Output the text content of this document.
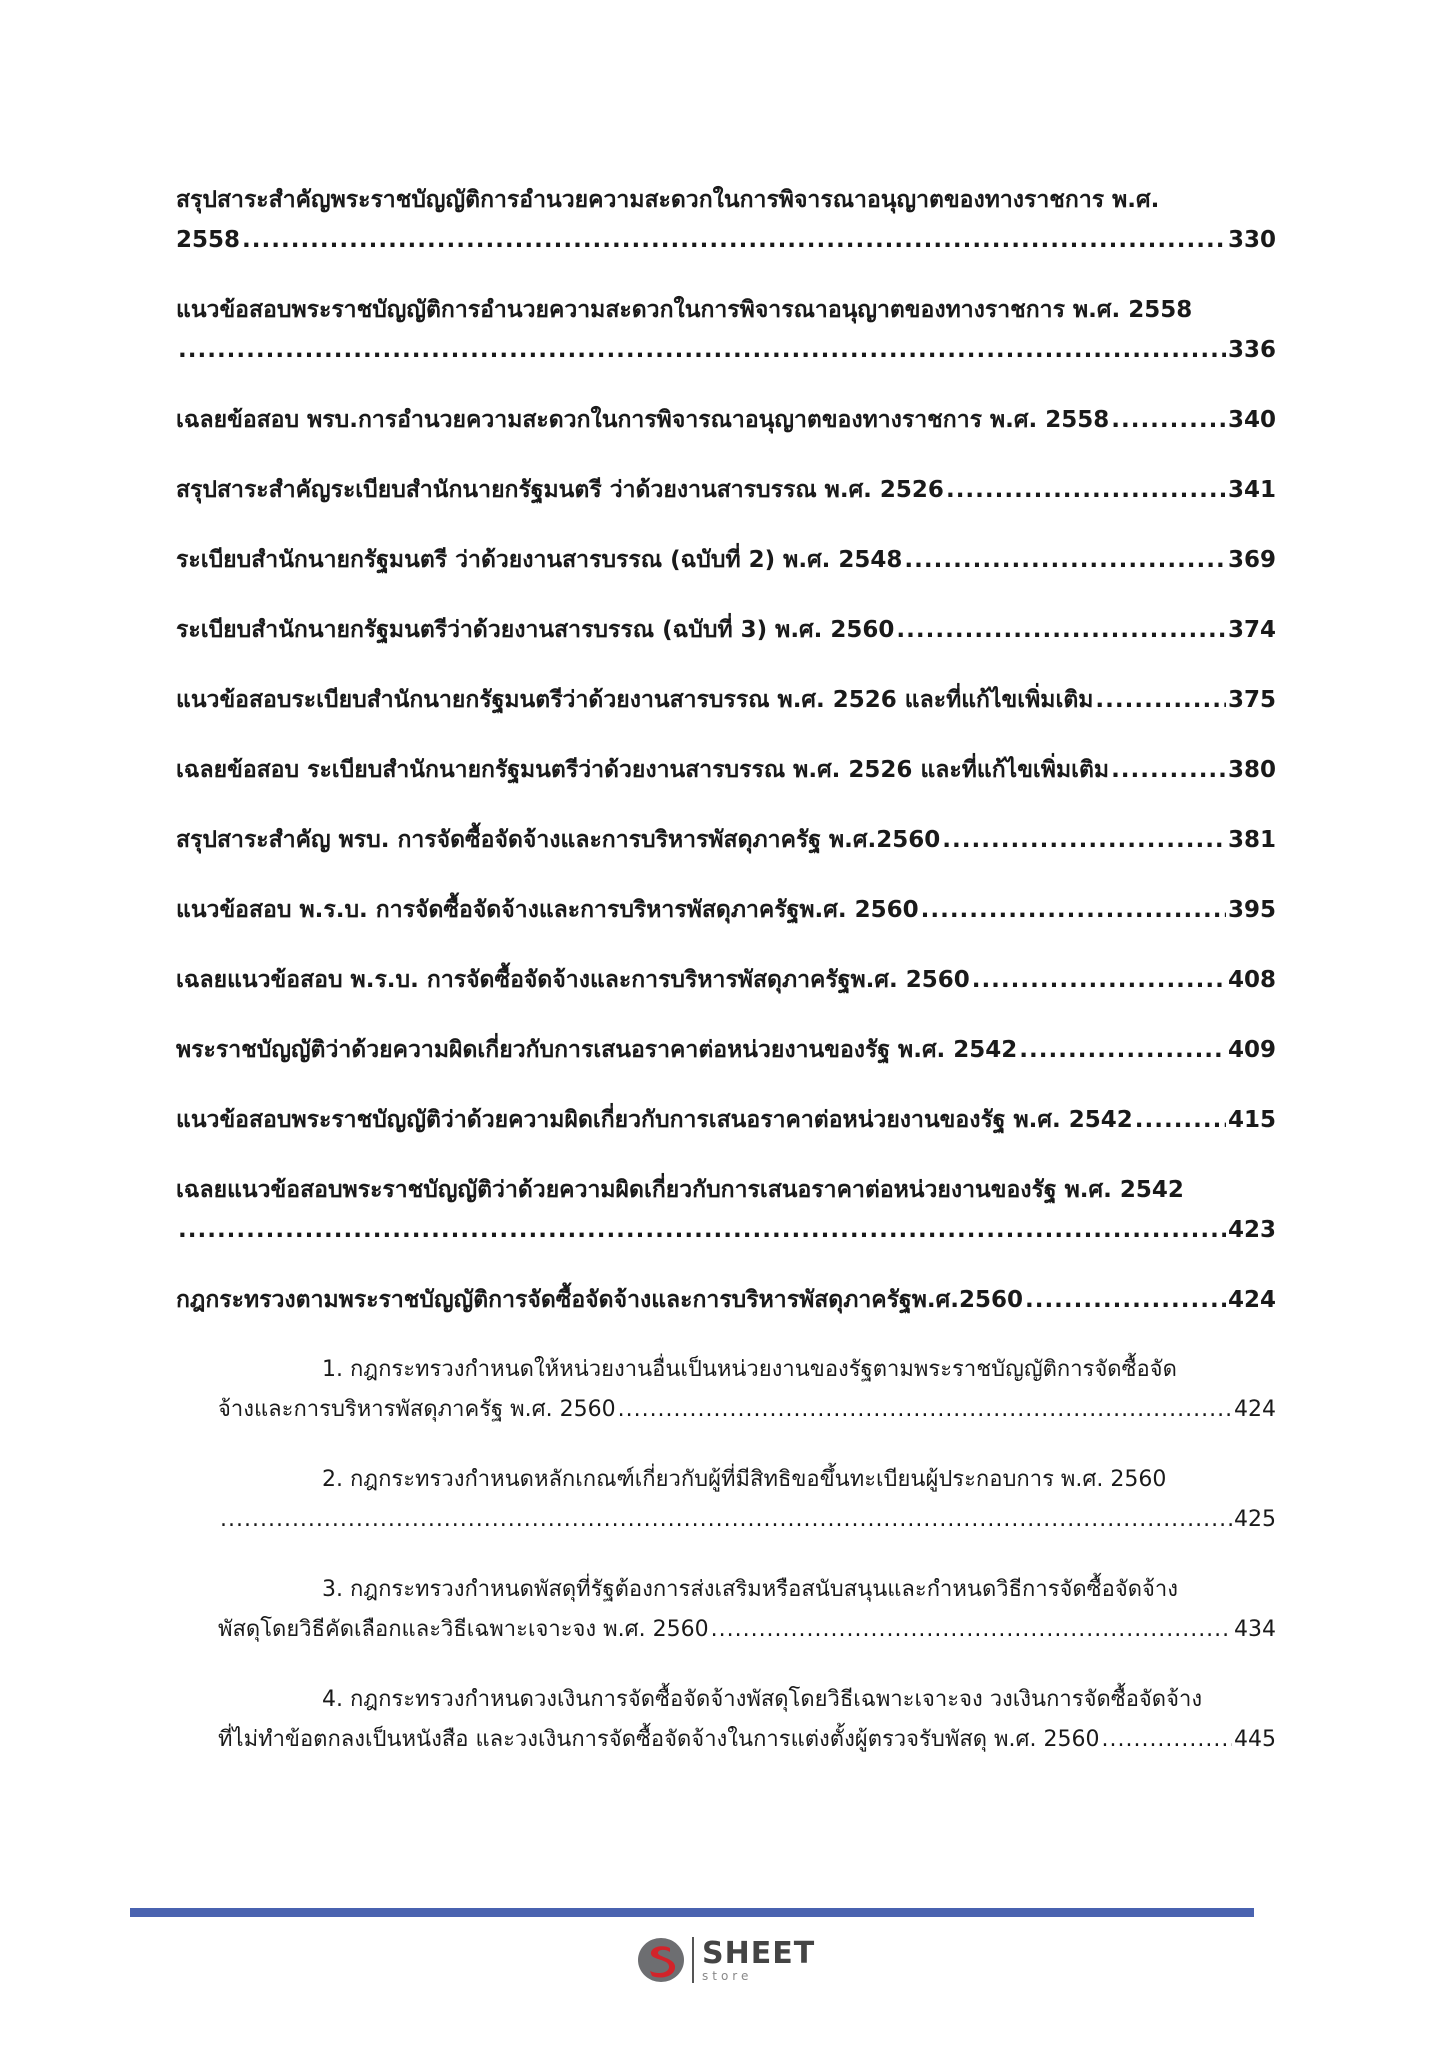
สรุปสาระสำคัญพระราชบัญญัติการอำนวยความสะดวกในการพิจารณาอนุญาตของทางราชการ พ.ศ.
2558 .....	330
แนวข้อสอบพระราชบัญญัติการอำนวยความสะดวกในการพิจารณาอนุญาตของทางราชการ พ.ศ. 2558
.....
336
เฉลยข้อสอบ พรบ.การอำนวยความสะดวกในการพิจารณาอนุญาตของทางราชการ พ.ศ. 2558 .....	340
สรุปสาระสำคัญระเบียบสำนักนายกรัฐมนตรี ว่าด้วยงานสารบรรณ พ.ศ. 2526 .....	341
ระเบียบสำนักนายกรัฐมนตรี ว่าด้วยงานสารบรรณ (ฉบับที่ 2) พ.ศ. 2548 .....	369
ระเบียบสำนักนายกรัฐมนตรีว่าด้วยงานสารบรรณ (ฉบับที่ 3) พ.ศ. 2560 .....	374
แนวข้อสอบระเบียบสำนักนายกรัฐมนตรีว่าด้วยงานสารบรรณ พ.ศ. 2526 และที่แก้ไขเพิ่มเติม .....	375
เฉลยข้อสอบ ระเบียบสำนักนายกรัฐมนตรีว่าด้วยงานสารบรรณ พ.ศ. 2526 และที่แก้ไขเพิ่มเติม .....	380
สรุปสาระสำคัญ พรบ. การจัดซื้อจัดจ้างและการบริหารพัสดุภาครัฐ พ.ศ.2560 .....	381
แนวข้อสอบ พ.ร.บ. การจัดซื้อจัดจ้างและการบริหารพัสดุภาครัฐพ.ศ. 2560 .....	395
เฉลยแนวข้อสอบ พ.ร.บ. การจัดซื้อจัดจ้างและการบริหารพัสดุภาครัฐพ.ศ. 2560 .....	408
พระราชบัญญัติว่าด้วยความผิดเกี่ยวกับการเสนอราคาต่อหน่วยงานของรัฐ พ.ศ. 2542 .....	409
แนวข้อสอบพระราชบัญญัติว่าด้วยความผิดเกี่ยวกับการเสนอราคาต่อหน่วยงานของรัฐ พ.ศ. 2542 .....	415
เฉลยแนวข้อสอบพระราชบัญญัติว่าด้วยความผิดเกี่ยวกับการเสนอราคาต่อหน่วยงานของรัฐ พ.ศ. 2542
.....
423
กฎกระทรวงตามพระราชบัญญัติการจัดซื้อจัดจ้างและการบริหารพัสดุภาครัฐพ.ศ.2560 .....	424
1. กฎกระทรวงกำหนดให้หน่วยงานอื่นเป็นหน่วยงานของรัฐตามพระราชบัญญัติการจัดซื้อจัด
จ้างและการบริหารพัสดุภาครัฐ พ.ศ. 2560 .....	424
2. กฎกระทรวงกำหนดหลักเกณฑ์เกี่ยวกับผู้ที่มีสิทธิขอขึ้นทะเบียนผู้ประกอบการ พ.ศ. 2560
.....
425
3. กฎกระทรวงกำหนดพัสดุที่รัฐต้องการส่งเสริมหรือสนับสนุนและกำหนดวิธีการจัดซื้อจัดจ้าง
พัสดุโดยวิธีคัดเลือกและวิธีเฉพาะเจาะจง พ.ศ. 2560 .....	434
4. กฎกระทรวงกำหนดวงเงินการจัดซื้อจัดจ้างพัสดุโดยวิธีเฉพาะเจาะจง วงเงินการจัดซื้อจัดจ้าง
ที่ไม่ทำข้อตกลงเป็นหนังสือ และวงเงินการจัดซื้อจัดจ้างในการแต่งตั้งผู้ตรวจรับพัสดุ พ.ศ. 2560 .....	445
SHEET
store
